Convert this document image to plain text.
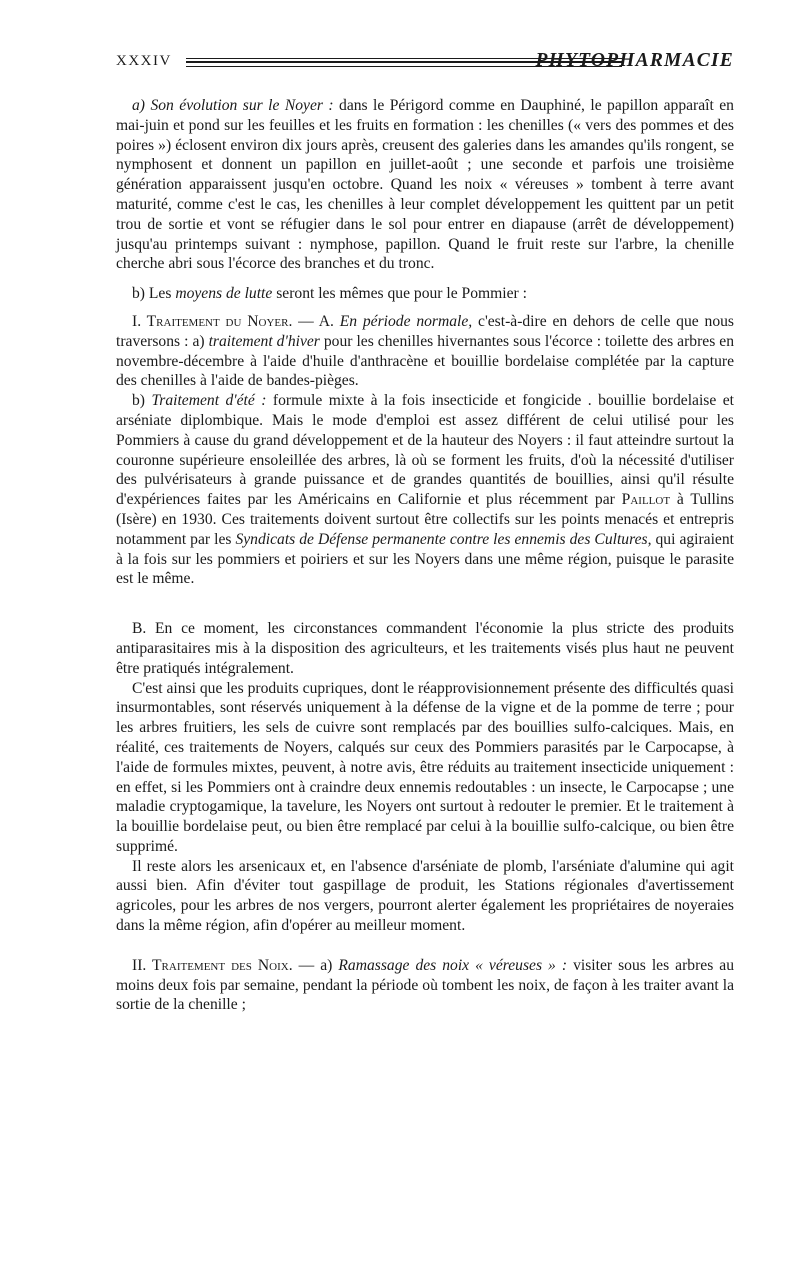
XXXIV	PHYTOPHARMACIE

a) Son évolution sur le Noyer : dans le Périgord comme en Dauphiné, le papillon apparaît en mai-juin et pond sur les feuilles et les fruits en formation : les chenilles (« vers des pommes et des poires ») éclosent environ dix jours après, creusent des galeries dans les amandes qu'ils rongent, se nymphosent et donnent un papillon en juillet-août ; une seconde et parfois une troisième génération apparaissent jusqu'en octobre. Quand les noix « véreuses » tombent à terre avant maturité, comme c'est le cas, les chenilles à leur complet développement les quittent par un petit trou de sortie et vont se réfugier dans le sol pour entrer en diapause (arrêt de développement) jusqu'au printemps suivant : nymphose, papillon. Quand le fruit reste sur l'arbre, la chenille cherche abri sous l'écorce des branches et du tronc.

b) Les moyens de lutte seront les mêmes que pour le Pommier :

I. Traitement du Noyer. — A. En période normale, c'est-à-dire en dehors de celle que nous traversons : a) traitement d'hiver pour les chenilles hivernantes sous l'écorce : toilette des arbres en novembre-décembre à l'aide d'huile d'anthracène et bouillie bordelaise complétée par la capture des chenilles à l'aide de bandes-pièges.

b) Traitement d'été : formule mixte à la fois insecticide et fongicide . bouillie bordelaise et arséniate diplombique. Mais le mode d'emploi est assez différent de celui utilisé pour les Pommiers à cause du grand développement et de la hauteur des Noyers : il faut atteindre surtout la couronne supérieure ensoleillée des arbres, là où se forment les fruits, d'où la nécessité d'utiliser des pulvérisateurs à grande puissance et de grandes quantités de bouillies, ainsi qu'il résulte d'expériences faites par les Américains en Californie et plus récemment par Paillot à Tullins (Isère) en 1930. Ces traitements doivent surtout être collectifs sur les points menacés et entrepris notamment par les Syndicats de Défense permanente contre les ennemis des Cultures, qui agiraient à la fois sur les pommiers et poiriers et sur les Noyers dans une même région, puisque le parasite est le même.

B. En ce moment, les circonstances commandent l'économie la plus stricte des produits antiparasitaires mis à la disposition des agriculteurs, et les traitements visés plus haut ne peuvent être pratiqués intégralement.

C'est ainsi que les produits cupriques, dont le réapprovisionnement présente des difficultés quasi insurmontables, sont réservés uniquement à la défense de la vigne et de la pomme de terre ; pour les arbres fruitiers, les sels de cuivre sont remplacés par des bouillies sulfo-calciques. Mais, en réalité, ces traitements de Noyers, calqués sur ceux des Pommiers parasités par le Carpocapse, à l'aide de formules mixtes, peuvent, à notre avis, être réduits au traitement insecticide uniquement : en effet, si les Pommiers ont à craindre deux ennemis redoutables : un insecte, le Carpocapse ; une maladie cryptogamique, la tavelure, les Noyers ont surtout à redouter le premier. Et le traitement à la bouillie bordelaise peut, ou bien être remplacé par celui à la bouillie sulfo-calcique, ou bien être supprimé.

Il reste alors les arsenicaux et, en l'absence d'arséniate de plomb, l'arséniate d'alumine qui agit aussi bien. Afin d'éviter tout gaspillage de produit, les Stations régionales d'avertissement agricoles, pour les arbres de nos vergers, pourront alerter également les propriétaires de noyeraies dans la même région, afin d'opérer au meilleur moment.

II. Traitement des Noix. — a) Ramassage des noix « véreuses » : visiter sous les arbres au moins deux fois par semaine, pendant la période où tombent les noix, de façon à les traiter avant la sortie de la chenille ;
